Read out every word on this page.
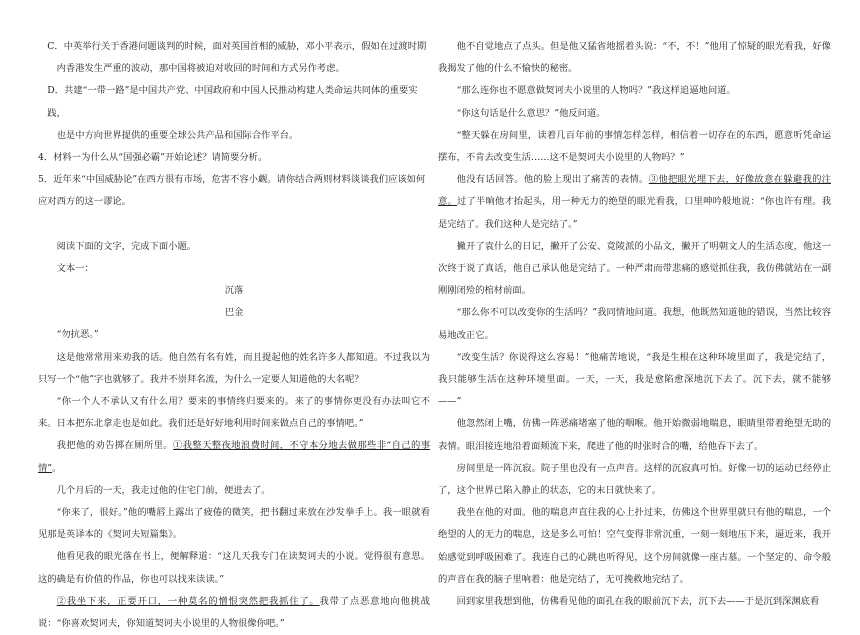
C．中英举行关于香港问题谈判的时候，面对英国首相的威胁，邓小平表示，假如在过渡时期

内香港发生严重的波动，那中国将被迫对收回的时间和方式另作考虑。

D．共建“一带一路”是中国共产党、中国政府和中国人民推动构建人类命运共同体的重要实践，

也是中方向世界提供的重要全球公共产品和国际合作平台。

4．材料一为什么从“国强必霸”开始论述？请简要分析。

5．近年来“中国威胁论”在西方很有市场，危害不容小觑。请你结合两则材料谈谈我们应该如何

应对西方的这一谬论。

阅读下面的文字，完成下面小题。

文本一：

沉落

巴金

“勿抗恶。”

这是他常常用来劝我的话。他自然有名有姓，而且提起他的姓名许多人都知道。不过我以为只写一个“他”字也就够了。我并不崇拜名流，为什么一定要人知道他的大名呢？

“你一个人不承认又有什么用？要来的事情终归要来的。来了的事情你更没有办法叫它不来。日本把东北拿走也是如此。我们还是好好地利用时间来做点自己的事情吧。”

我把他的劝告掷在厕所里。①我整天整夜地浪费时间，不守本分地去做那些非“自己的事情”。

几个月后的一天，我走过他的住宅门前，便进去了。

“你来了，很好。”他的嘴唇上露出了疲倦的微笑，把书翻过来放在沙发拳手上。我一眼就看见那是英译本的《契诃夫短篇集》。

他看见我的眼光落在书上，便解释道：“这几天我专门在读契诃夫的小说。觉得很有意思。这的确是有价值的作品，你也可以找来读读。”

②我坐下来，正要开口，一种莫名的憎恨突然把我抓住了。我带了点恶意地向他挑战说：“你喜欢契诃夫，你知道契诃夫小说里的人物很像你吧。”

他不自觉地点了点头。但是他又猛省地摇着头说：“不，不！”他用了惊疑的眼光看我，好像我揭发了他的什么不愉快的秘密。

“那么连你也不愿意做契诃夫小说里的人物吗？”我这样追逼地问道。

“你这句话是什么意思？”他反问道。

“整天躲在房间里，读着几百年前的事情怎样怎样，相信着一切存在的东西，愿意听凭命运摆布，不肯去改变生活……这不是契诃夫小说里的人物吗？”

他没有话回答。他的脸上现出了痛苦的表情。③他把眼光埋下去，好像故意在躲避我的注意。过了半晌他才抬起头，用一种无力的绝望的眼光看我，口里呻吟般地说：“你也许有理。我是完结了。我们这种人是完结了。”

撇开了袁什么的日记，撇开了公安、竟陵派的小品文，撇开了明朝文人的生活态度，他这一次终于说了真话，他自己承认他是完结了。一种严肃而带悲痛的感觉抓住我，我仿佛就站在一副刚刚闭殓的棺材前面。

“那么你不可以改变你的生活吗？”我同情地问道。我想，他既然知道他的错误，当然比较容易地改正它。

“改变生活？你说得这么容易！”他痛苦地说，“我是生根在这种环境里面了，我是完结了，我只能够生活在这种环境里面。一天，一天，我是愈陷愈深地沉下去了。沉下去，就不能够——”

他忽然闭上嘴，仿佛一阵恶痛堵塞了他的咽喉。他开始微弱地喘息，眼睛里带着绝望无助的表情。眼泪接连地沿着面颊流下来，爬进了他的时张时合的嘴，给他吞下去了。

房间里是一阵沉寂。院子里也没有一点声音。这样的沉寂真可怕。好像一切的运动已经停止了，这个世界已陷入静止的状态，它的末日就快来了。

我坐在他的对面。他的喘息声直往我的心上扑过来，仿佛这个世界里就只有他的喘息，一个绝望的人的无力的喘息，这是多么可怕！空气变得非常沉重，一刻一刻地压下来，逼近来，我开始感觉到呼吸困难了。我连自己的心跳也听得见，这个房间就像一座古墓。一个坚定的、命令般的声音在我的脑子里响着：他是完结了，无可挽救地完结了。

回到家里我想到他，仿佛看见他的面孔在我的眼前沉下去，沉下去——于是沉到深渊底看
